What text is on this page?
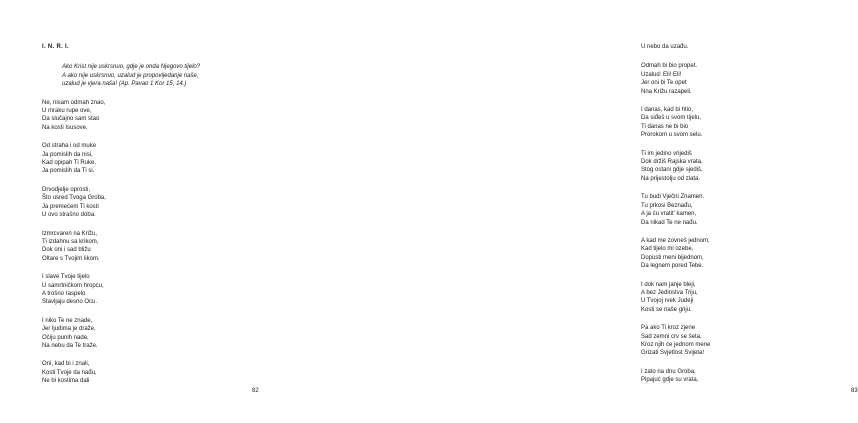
I. N. R. I.
Ako Krist nije uskrsnuo, gdje je onda Njegovo tijelo?
A ako nije uskrsnuo, uzalud je propovijedanje naše,
uzalud je vjera naša! (Ap. Pavao 1 Kor 15, 14.)
Ne, nisam odmah znao,
U mraku rupe ove,
Da slučajno sam stao
Na kosti Isusove.
Od straha i od muke
Ja pomislih da nisi,
Kad opipah Ti Ruke,
Ja pomislih da Ti si.
Drvodjelje oprosti,
Što usred Tvoga Groba,
Ja premećem Ti kosti
U ovo strašno doba.
Izmrcvaren na Križu,
Ti izdahnu sa krikom,
Dok oni i sad bližu
Oltare s Tvojim likom.
I slave Tvoje tijelo
U samrtničkom hropcu,
A trošno raspelo
Stavljaju desno Ocu.
I niko Te ne znade,
Jer ljudima je draže,
Očiju punih nade,
Na nebu da Te traže.
Oni, kad bi i znali,
Kosti Tvoje da nađu,
Ne bi kostima dali
82
U nebo da uzađu.
Odmah bi bio propet.
Uzalud: Eli! Eli!
Jer oni bi Te opet
Nna Križu razapeli.
I danas, kad bi htio,
Da siđeš u svom tijelu,
Ti danas ne bi bio
Prorokom u svom selu.
Ti im jedino vrijediš
Dok držiš Rajska vrata,
Stog ostani gdje sjediš,
Na prijestolju od zlata.
Tu budi Vječni Znamen.
Tu prkosi Beznađu,
A ja ću vratit' kamen,
Da nikad Te ne nađu.
A kad me zovneš jednom,
Kad tijelo mi ozebe,
Dopusti meni bijednom,
Da legnem pored Tebe.
I dok nam janje bleji,
A bez Jedinstva Triju,
U Tvojoj rvek Judeji
Kosti se naše griju.
Pa ako Ti kroz zjene
Sad zemni crv se šeta,
Kroz njih će jednom mene
Grizati Svjetlost Svijeta!
I zato na dnu Groba,
Pipajuć gdje su vrata,
83
